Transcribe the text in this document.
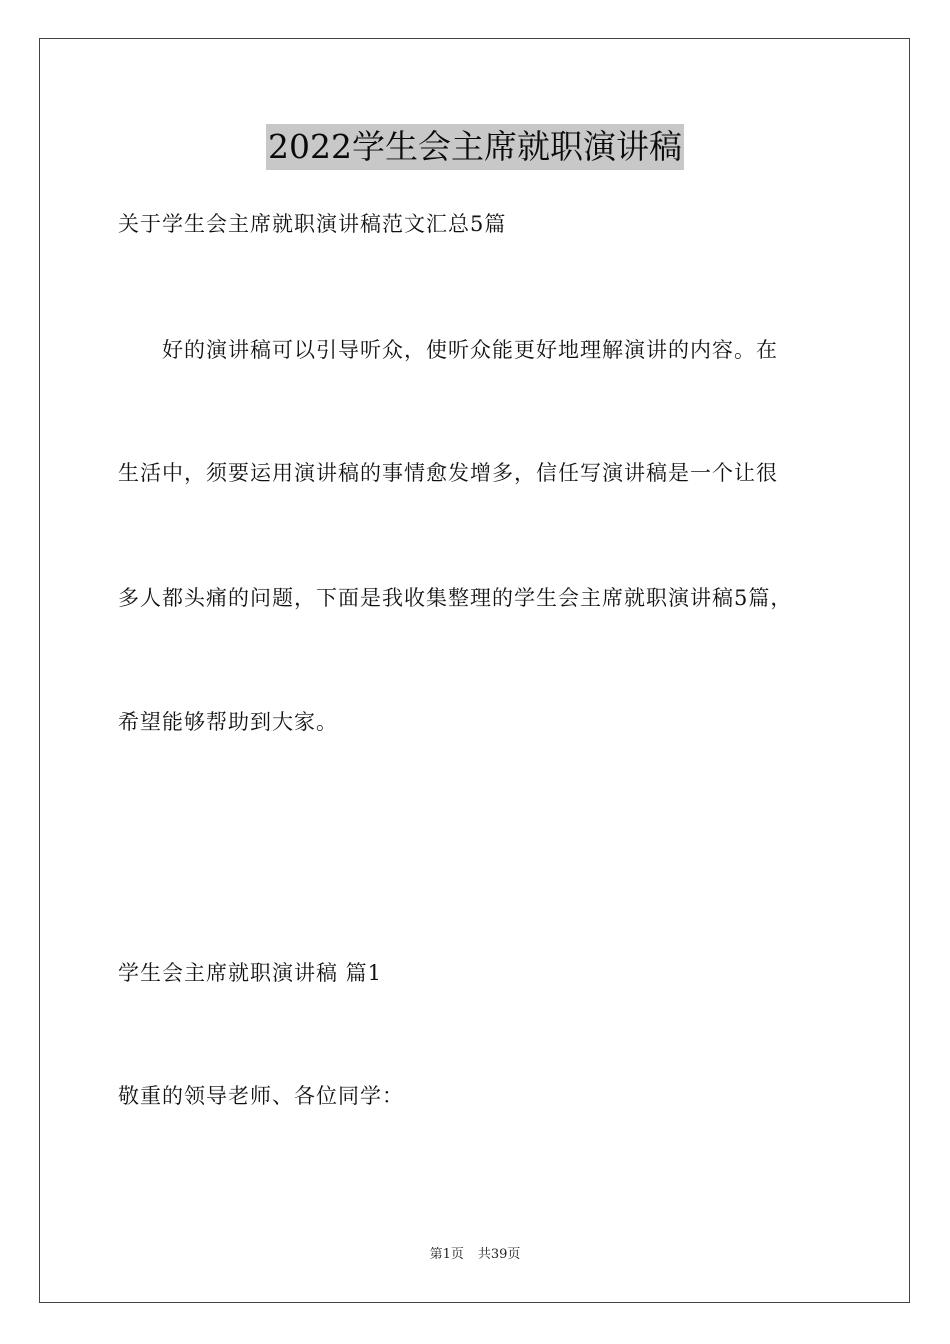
2022学生会主席就职演讲稿
关于学生会主席就职演讲稿范文汇总5篇
好的演讲稿可以引导听众，使听众能更好地理解演讲的内容。在
生活中，须要运用演讲稿的事情愈发增多，信任写演讲稿是一个让很
多人都头痛的问题，下面是我收集整理的学生会主席就职演讲稿5篇，
希望能够帮助到大家。
学生会主席就职演讲稿 篇1
敬重的领导老师、各位同学：
第1页 共39页
